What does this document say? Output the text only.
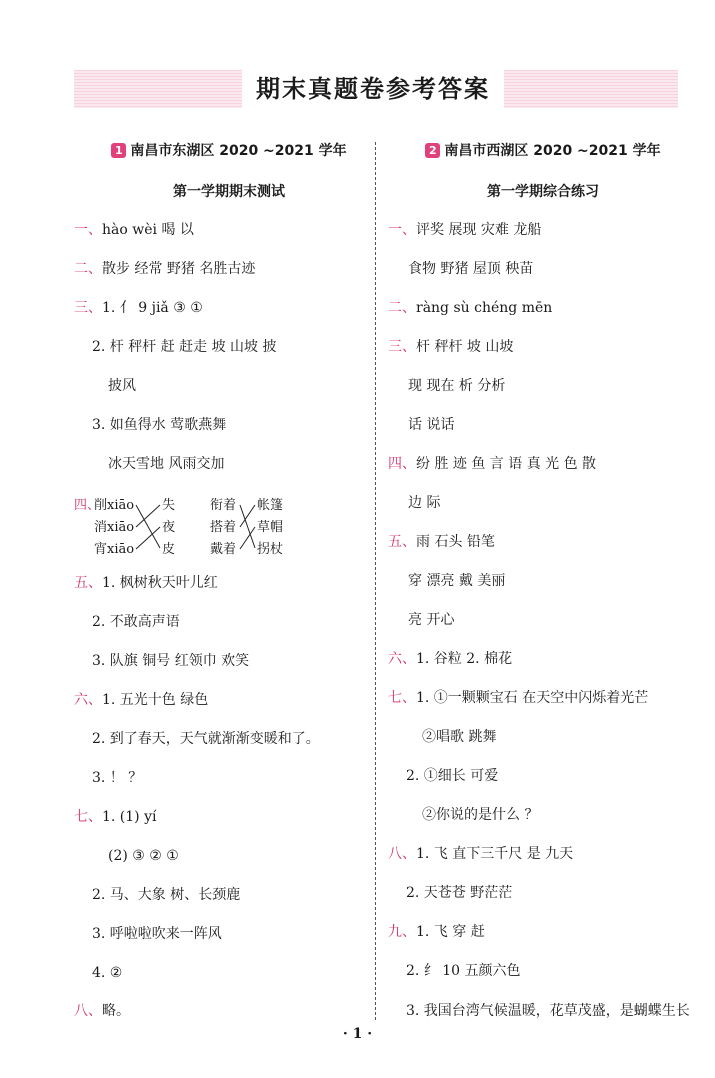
期末真题卷参考答案
1 南昌市东湖区 2020 ~2021 学年
第一学期期末测试
一、hào wèi 喝 以
二、散步 经常 野猪 名胜古迹
三、1. 亻 9 jiǎ ③ ①
2. 杆 秤杆 赶 赶走 坡 山坡 披
披风
3. 如鱼得水 莺歌燕舞
冰天雪地 风雨交加
四、
削xiāo
消xiāo
宵xiāo
失
夜
皮
衔着
搭着
戴着
帐篷
草帽
拐杖
五、1. 枫树秋天叶儿红
2. 不敢高声语
3. 队旗 铜号 红领巾 欢笑
六、1. 五光十色 绿色
2. 到了春天，天气就渐渐变暖和了。
3. ！ ？
七、1. (1) yí
(2) ③ ② ①
2. 马、大象 树、长颈鹿
3. 呼啦啦吹来一阵风
4. ②
八、略。
2 南昌市西湖区 2020 ~2021 学年
第一学期综合练习
一、评奖 展现 灾难 龙船
食物 野猪 屋顶 秧苗
二、ràng sù chéng mēn
三、杆 秤杆 坡 山坡
现 现在 析 分析
话 说话
四、纷 胜 迹 鱼 言 语 真 光 色 散
边 际
五、雨 石头 铅笔
穿 漂亮 戴 美丽
亮 开心
六、1. 谷粒 2. 棉花
七、1. ①一颗颗宝石 在天空中闪烁着光芒
②唱歌 跳舞
2. ①细长 可爱
②你说的是什么 ？
八、1. 飞 直下三千尺 是 九天
2. 天苍苍 野茫茫
九、1. 飞 穿 赶
2. 纟 10 五颜六色
3. 我国台湾气候温暖，花草茂盛，是蝴蝶生长
· 1 ·
